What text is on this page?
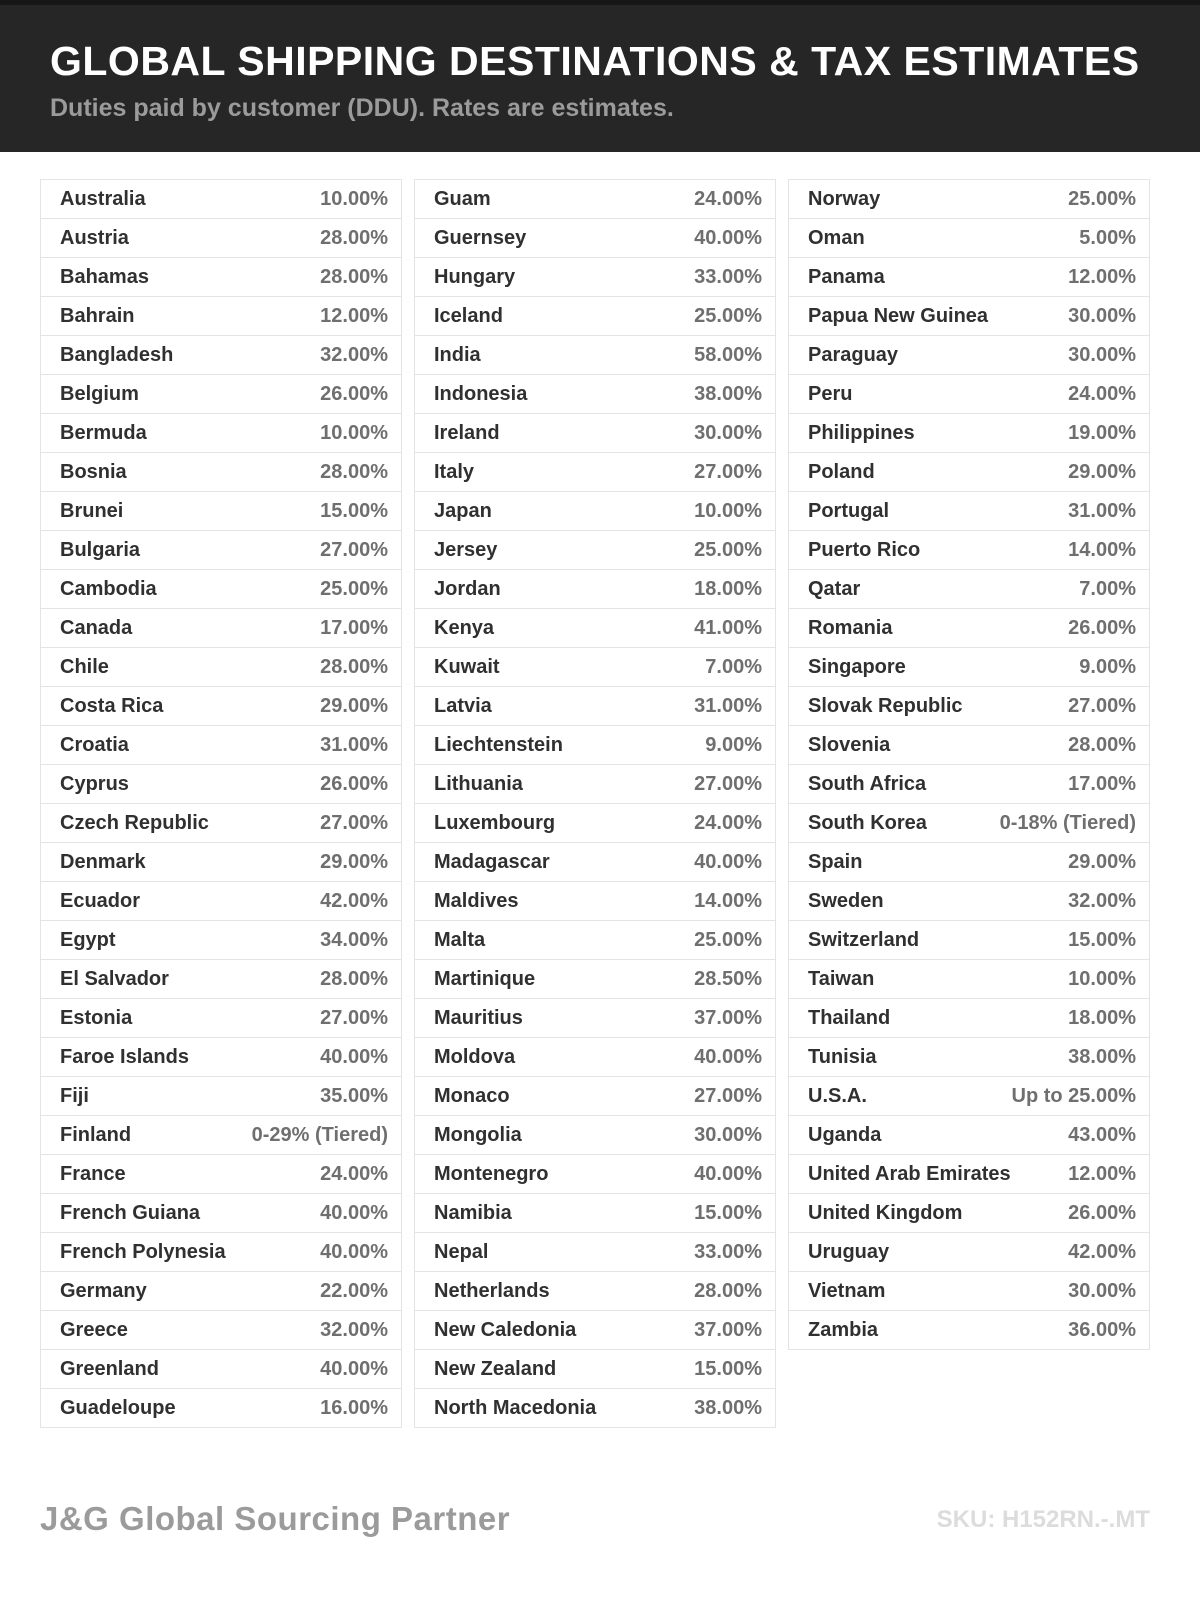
GLOBAL SHIPPING DESTINATIONS & TAX ESTIMATES
Duties paid by customer (DDU). Rates are estimates.
Australia	10.00%
Austria	28.00%
Bahamas	28.00%
Bahrain	12.00%
Bangladesh	32.00%
Belgium	26.00%
Bermuda	10.00%
Bosnia	28.00%
Brunei	15.00%
Bulgaria	27.00%
Cambodia	25.00%
Canada	17.00%
Chile	28.00%
Costa Rica	29.00%
Croatia	31.00%
Cyprus	26.00%
Czech Republic	27.00%
Denmark	29.00%
Ecuador	42.00%
Egypt	34.00%
El Salvador	28.00%
Estonia	27.00%
Faroe Islands	40.00%
Fiji	35.00%
Finland	0-29% (Tiered)
France	24.00%
French Guiana	40.00%
French Polynesia	40.00%
Germany	22.00%
Greece	32.00%
Greenland	40.00%
Guadeloupe	16.00%
Guam	24.00%
Guernsey	40.00%
Hungary	33.00%
Iceland	25.00%
India	58.00%
Indonesia	38.00%
Ireland	30.00%
Italy	27.00%
Japan	10.00%
Jersey	25.00%
Jordan	18.00%
Kenya	41.00%
Kuwait	7.00%
Latvia	31.00%
Liechtenstein	9.00%
Lithuania	27.00%
Luxembourg	24.00%
Madagascar	40.00%
Maldives	14.00%
Malta	25.00%
Martinique	28.50%
Mauritius	37.00%
Moldova	40.00%
Monaco	27.00%
Mongolia	30.00%
Montenegro	40.00%
Namibia	15.00%
Nepal	33.00%
Netherlands	28.00%
New Caledonia	37.00%
New Zealand	15.00%
North Macedonia	38.00%
Norway	25.00%
Oman	5.00%
Panama	12.00%
Papua New Guinea	30.00%
Paraguay	30.00%
Peru	24.00%
Philippines	19.00%
Poland	29.00%
Portugal	31.00%
Puerto Rico	14.00%
Qatar	7.00%
Romania	26.00%
Singapore	9.00%
Slovak Republic	27.00%
Slovenia	28.00%
South Africa	17.00%
South Korea	0-18% (Tiered)
Spain	29.00%
Sweden	32.00%
Switzerland	15.00%
Taiwan	10.00%
Thailand	18.00%
Tunisia	38.00%
U.S.A.	Up to 25.00%
Uganda	43.00%
United Arab Emirates	12.00%
United Kingdom	26.00%
Uruguay	42.00%
Vietnam	30.00%
Zambia	36.00%
J&G Global Sourcing Partner	SKU: H152RN.-.MT
